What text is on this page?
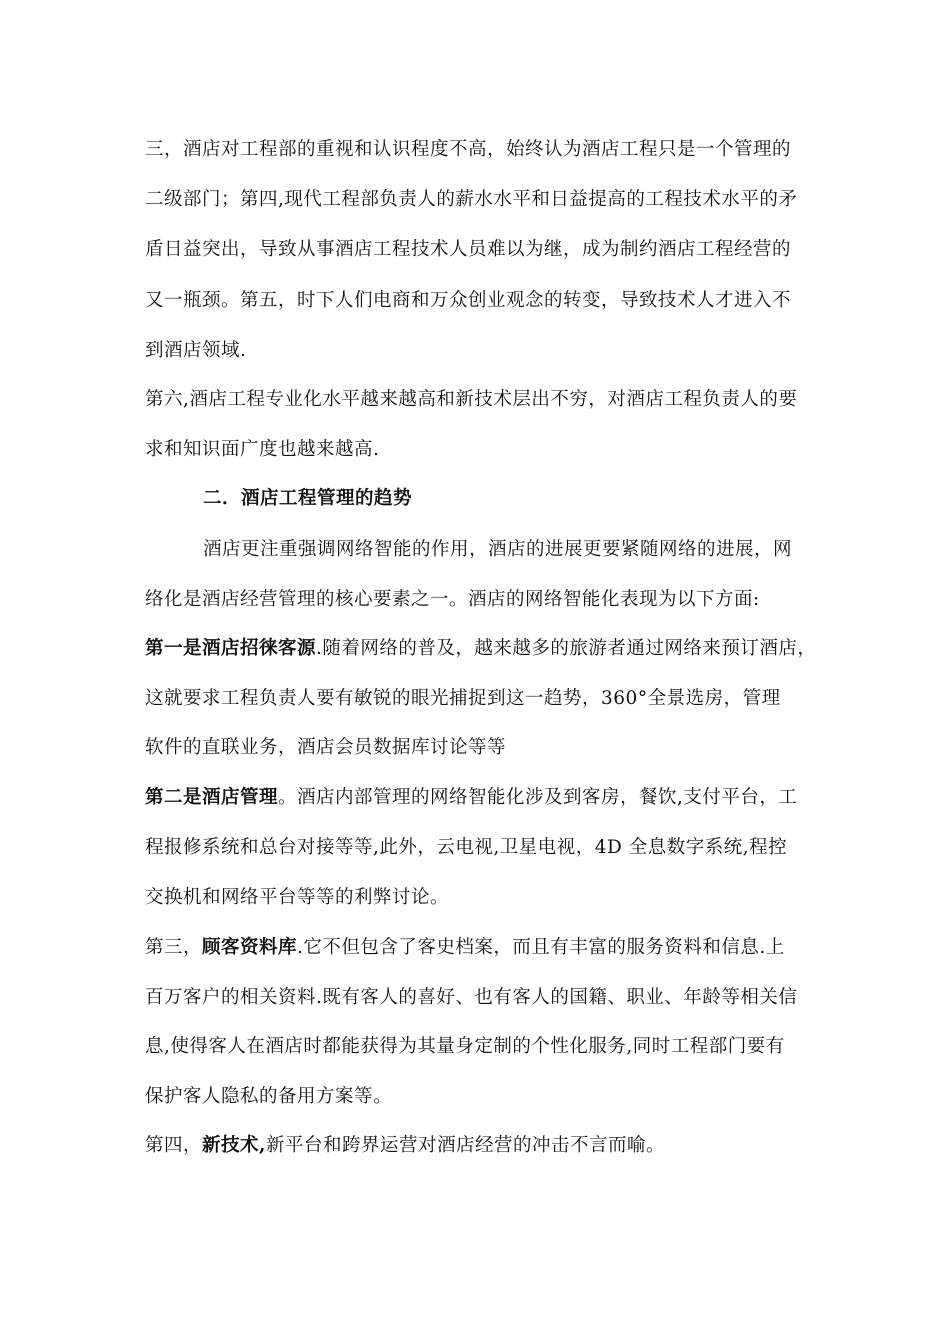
三，酒店对工程部的重视和认识程度不高，始终认为酒店工程只是一个管理的
二级部门；第四,现代工程部负责人的薪水水平和日益提高的工程技术水平的矛
盾日益突出，导致从事酒店工程技术人员难以为继，成为制约酒店工程经营的
又一瓶颈。第五，时下人们电商和万众创业观念的转变，导致技术人才进入不
到酒店领域.
第六,酒店工程专业化水平越来越高和新技术层出不穷，对酒店工程负责人的要
求和知识面广度也越来越高.
二．酒店工程管理的趋势
酒店更注重强调网络智能的作用，酒店的进展更要紧随网络的进展，网
络化是酒店经营管理的核心要素之一。酒店的网络智能化表现为以下方面:
第一是酒店招徕客源.随着网络的普及，越来越多的旅游者通过网络来预订酒店，
这就要求工程负责人要有敏锐的眼光捕捉到这一趋势，360°全景选房，管理
软件的直联业务，酒店会员数据库讨论等等
第二是酒店管理。酒店内部管理的网络智能化涉及到客房，餐饮,支付平台，工
程报修系统和总台对接等等,此外，云电视,卫星电视，4D 全息数字系统,程控
交换机和网络平台等等的利弊讨论。
第三，顾客资料库.它不但包含了客史档案，而且有丰富的服务资料和信息.上
百万客户的相关资料.既有客人的喜好、也有客人的国籍、职业、年龄等相关信
息,使得客人在酒店时都能获得为其量身定制的个性化服务,同时工程部门要有
保护客人隐私的备用方案等。
第四，新技术,新平台和跨界运营对酒店经营的冲击不言而喻。
